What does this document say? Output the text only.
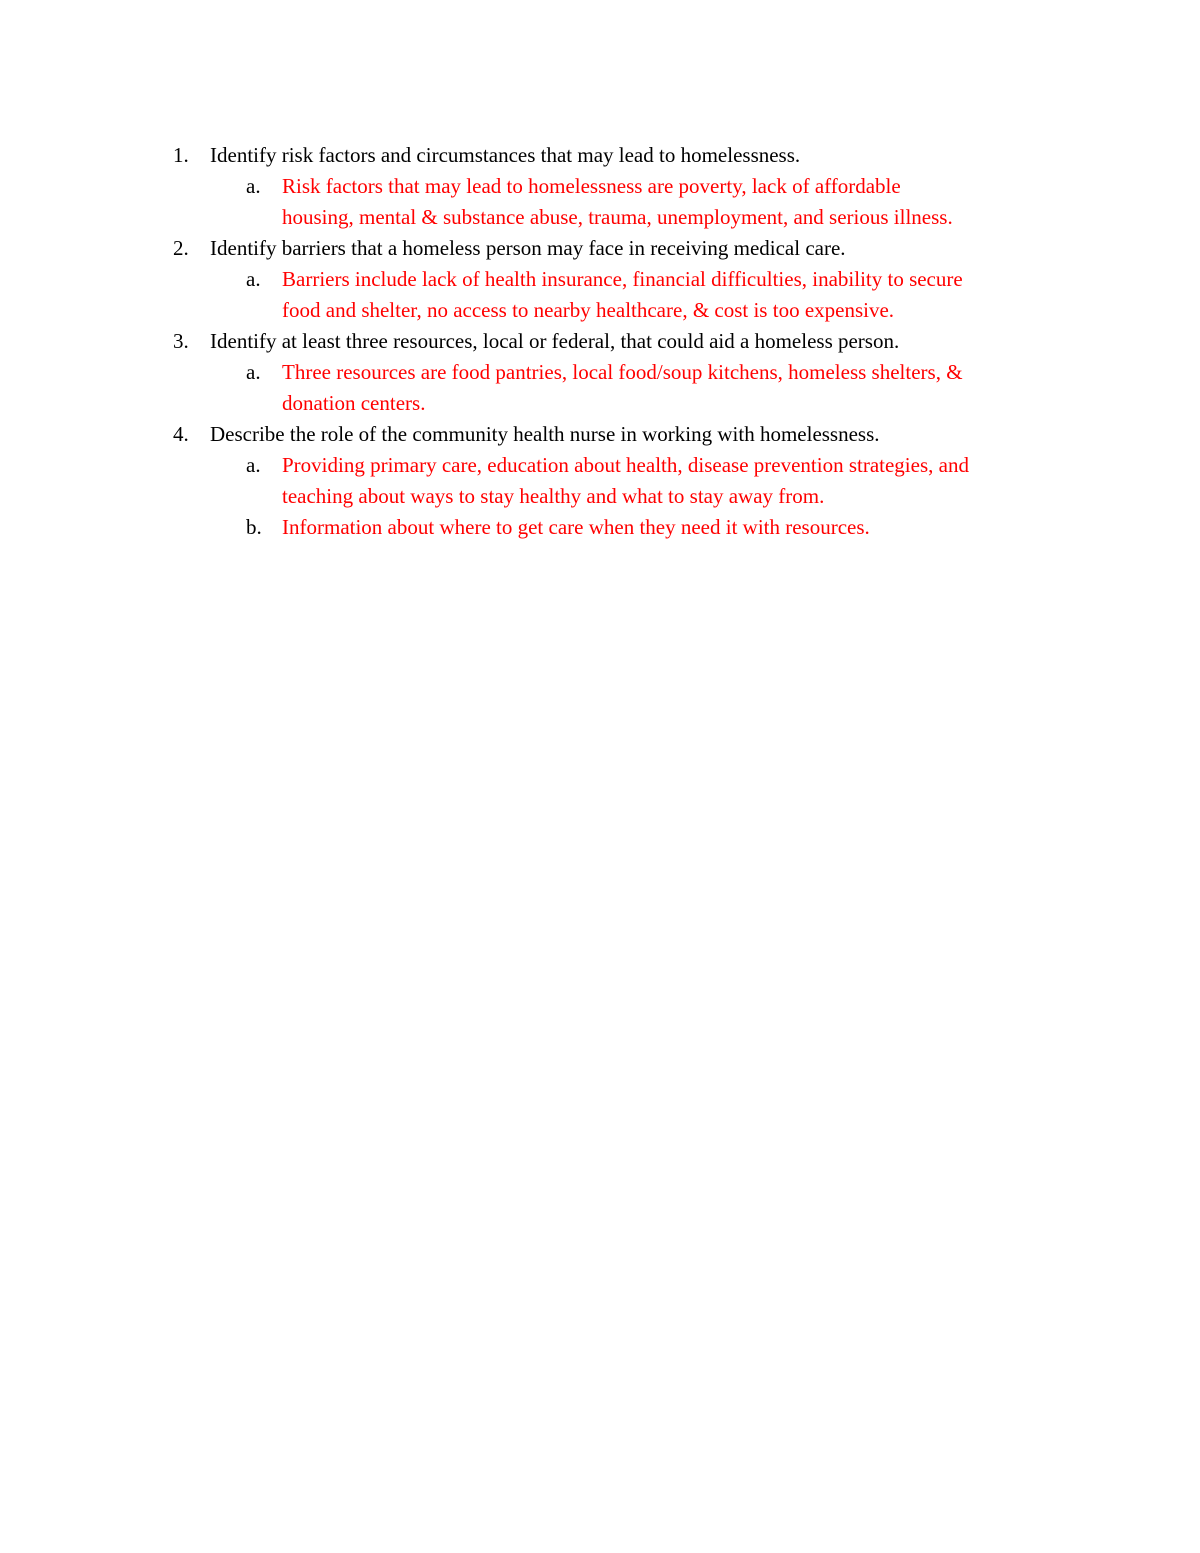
1.	Identify risk factors and circumstances that may lead to homelessness.
a.	Risk factors that may lead to homelessness are poverty, lack of affordable
housing, mental & substance abuse, trauma, unemployment, and serious illness.
2.	Identify barriers that a homeless person may face in receiving medical care.
a.	Barriers include lack of health insurance, financial difficulties, inability to secure
food and shelter, no access to nearby healthcare, & cost is too expensive.
3.	Identify at least three resources, local or federal, that could aid a homeless person.
a.	Three resources are food pantries, local food/soup kitchens, homeless shelters, &
donation centers.
4.	Describe the role of the community health nurse in working with homelessness.
a.	Providing primary care, education about health, disease prevention strategies, and
teaching about ways to stay healthy and what to stay away from.
b. Information about where to get care when they need it with resources.
